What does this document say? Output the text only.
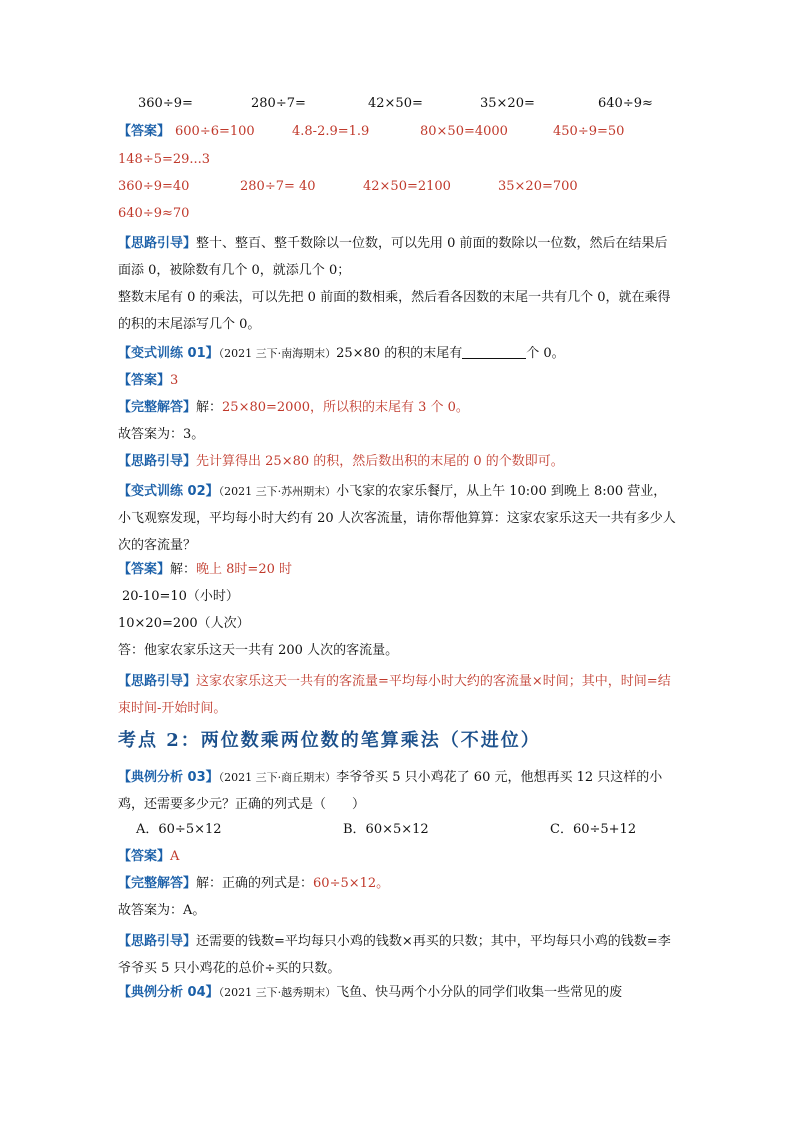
360÷9=	280÷7=	42×50=	35×20=	640÷9≈
【答案】 600÷6=100	4.8-2.9=1.9	80×50=4000	450÷9=50
148÷5=29...3
360÷9=40	280÷7= 40	42×50=2100	35×20=700
640÷9≈70
【思路引导】整十、整百、整千数除以一位数，可以先用 0 前面的数除以一位数，然后在结果后面添 0，被除数有几个 0，就添几个 0；
整数末尾有 0 的乘法，可以先把 0 前面的数相乘，然后看各因数的末尾一共有几个 0，就在乘得的积的末尾添写几个 0。
【变式训练 01】（2021 三下·南海期末）25×80 的积的末尾有	个 0。
【答案】3
【完整解答】解：25×80=2000，所以积的末尾有 3 个 0。
故答案为：3。
【思路引导】先计算得出 25×80 的积，然后数出积的末尾的 0 的个数即可。
【变式训练 02】（2021 三下·苏州期末）小飞家的农家乐餐厅，从上午 10:00 到晚上 8:00 营业，小飞观察发现，平均每小时大约有 20 人次客流量，请你帮他算算：这家农家乐这天一共有多少人次的客流量？
【答案】解：晚上 8时=20 时
20-10=10（小时）
10×20=200（人次）
答：他家农家乐这天一共有 200 人次的客流量。
【思路引导】这家农家乐这天一共有的客流量=平均每小时大约的客流量×时间；其中，时间=结束时间-开始时间。
考点 2：两位数乘两位数的笔算乘法（不进位）
【典例分析 03】（2021 三下·商丘期末）李爷爷买 5 只小鸡花了 60 元，他想再买 12 只这样的小鸡，还需要多少元？正确的列式是（　　）
A．60÷5×12	B．60×5×12	C．60÷5+12
【答案】A
【完整解答】解：正确的列式是：60÷5×12。
故答案为：A。
【思路引导】还需要的钱数=平均每只小鸡的钱数×再买的只数；其中，平均每只小鸡的钱数=李爷爷买 5 只小鸡花的总价÷买的只数。
【典例分析 04】（2021 三下·越秀期末）飞鱼、快马两个小分队的同学们收集一些常见的废
